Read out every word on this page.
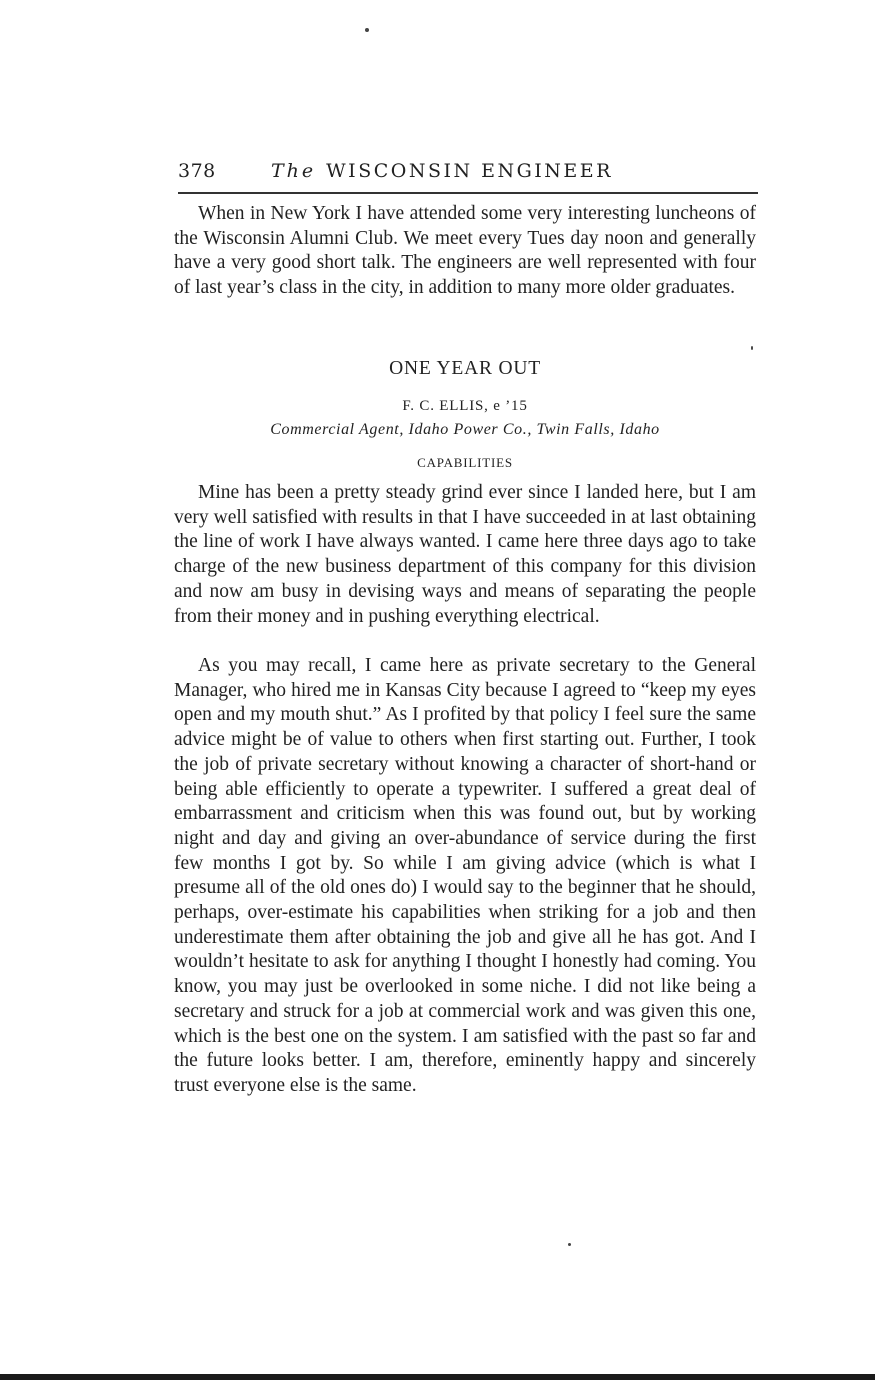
378	The WISCONSIN ENGINEER

When in New York I have attended some very interesting luncheons of the Wisconsin Alumni Club. We meet every Tues day noon and generally have a very good short talk. The engineers are well represented with four of last year’s class in the city, in addition to many more older graduates.

ONE YEAR OUT
F. C. ELLIS, e ’15
Commercial Agent, Idaho Power Co., Twin Falls, Idaho
CAPABILITIES

Mine has been a pretty steady grind ever since I landed here, but I am very well satisfied with results in that I have succeeded in at last obtaining the line of work I have always wanted. I came here three days ago to take charge of the new business department of this company for this division and now am busy in devising ways and means of separating the people from their money and in pushing everything electrical.

As you may recall, I came here as private secretary to the General Manager, who hired me in Kansas City because I agreed to “keep my eyes open and my mouth shut.” As I profited by that policy I feel sure the same advice might be of value to others when first starting out. Further, I took the job of private secretary without knowing a character of short-hand or being able efficiently to operate a typewriter. I suffered a great deal of embarrassment and criticism when this was found out, but by working night and day and giving an over-abundance of service during the first few months I got by. So while I am giving advice (which is what I presume all of the old ones do) I would say to the beginner that he should, perhaps, over-estimate his capabilities when striking for a job and then underestimate them after obtaining the job and give all he has got. And I wouldn’t hesitate to ask for anything I thought I honestly had coming. You know, you may just be overlooked in some niche. I did not like being a secretary and struck for a job at commercial work and was given this one, which is the best one on the system. I am satisfied with the past so far and the future looks better. I am, therefore, eminently happy and sincerely trust everyone else is the same.
